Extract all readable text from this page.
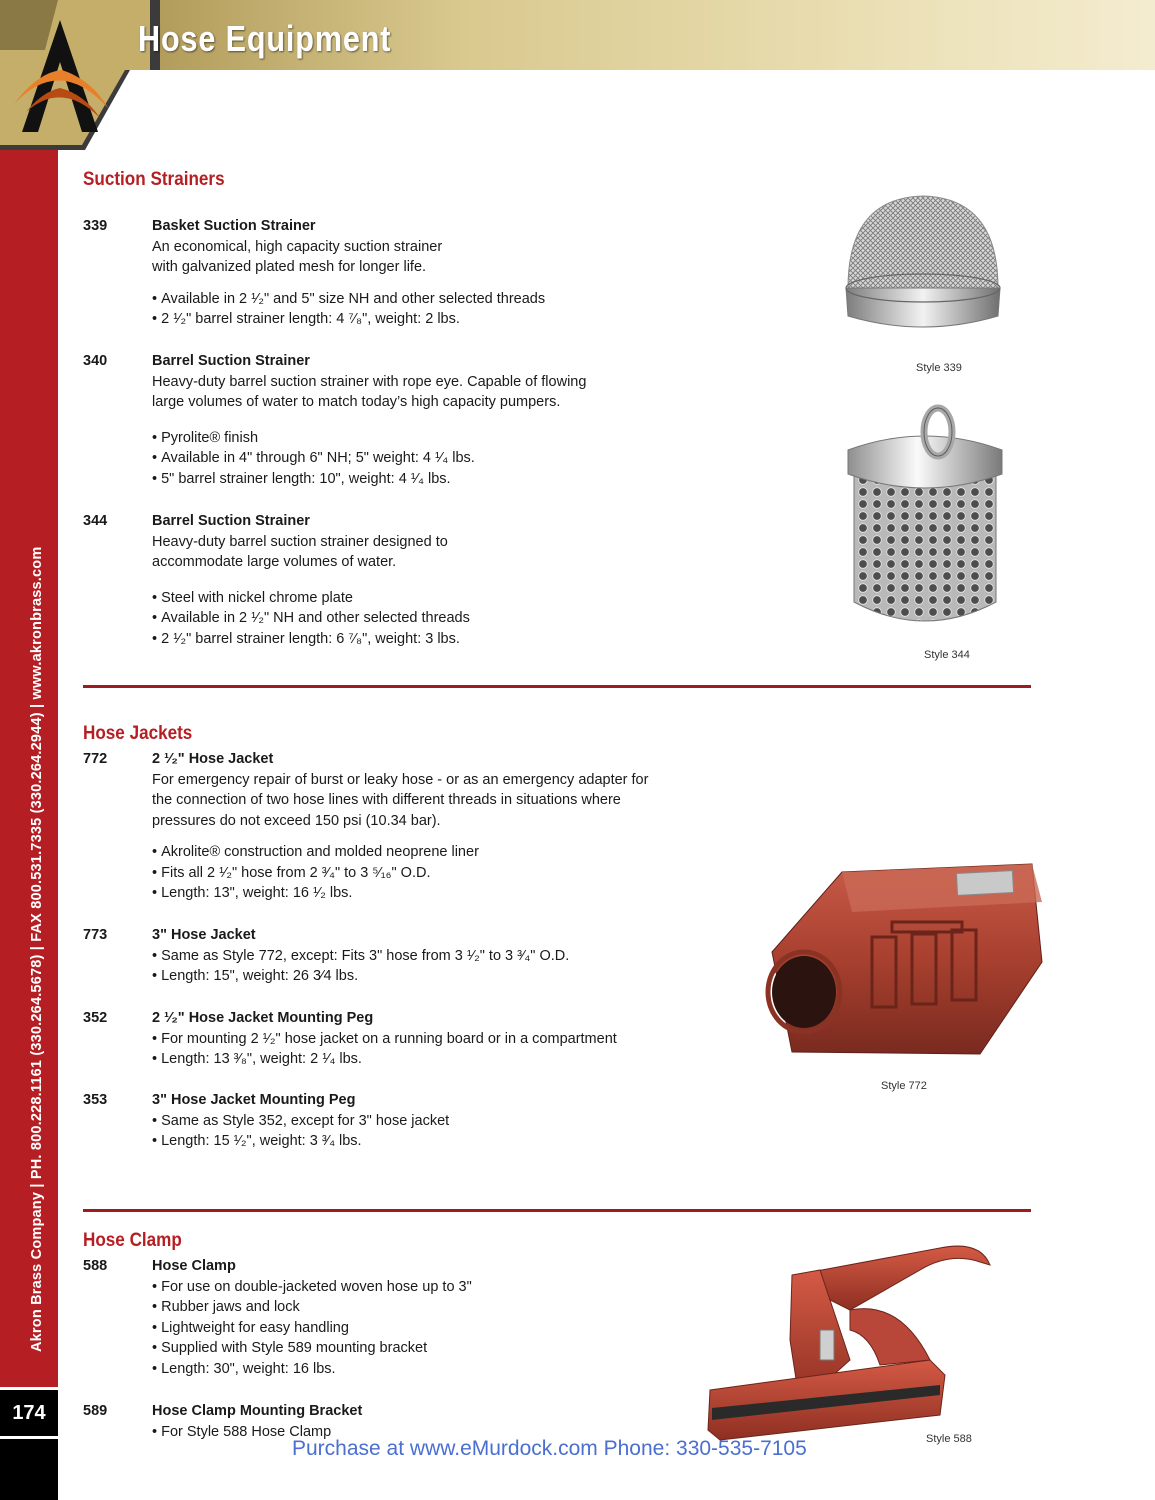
Hose Equipment
Akron Brass Company | PH. 800.228.1161 (330.264.5678) | FAX 800.531.7335 (330.264.2944) | www.akronbrass.com
174
Suction Strainers
339	Basket Suction Strainer
An economical, high capacity suction strainer
with galvanized plated mesh for longer life.
• Available in 2 ¹⁄₂" and 5" size NH and other selected threads
• 2 ¹⁄₂" barrel strainer length: 4 ⁷⁄₈", weight: 2 lbs.
340	Barrel Suction Strainer
Heavy-duty barrel suction strainer with rope eye. Capable of flowing
large volumes of water to match today’s high capacity pumpers.
• Pyrolite® finish
• Available in 4" through 6" NH; 5" weight: 4 ¹⁄₄ lbs.
• 5" barrel strainer length: 10", weight: 4 ¹⁄₄ lbs.
344	Barrel Suction Strainer
Heavy-duty barrel suction strainer designed to
accommodate large volumes of water.
• Steel with nickel chrome plate
• Available in 2 ¹⁄₂" NH and other selected threads
• 2 ¹⁄₂" barrel strainer length: 6 ⁷⁄₈", weight: 3 lbs.
Style 339
Style 344
Hose Jackets
772	2 ¹⁄₂" Hose Jacket
For emergency repair of burst or leaky hose - or as an emergency adapter for
the connection of two hose lines with different threads in situations where
pressures do not exceed 150 psi (10.34 bar).
• Akrolite® construction and molded neoprene liner
• Fits all 2 ¹⁄₂" hose from 2 ³⁄₄" to 3 ⁵⁄₁₆" O.D.
• Length: 13", weight: 16 ¹⁄₂ lbs.
773	3" Hose Jacket
• Same as Style 772, except: Fits 3" hose from 3 ¹⁄₂" to 3 ³⁄₄" O.D.
• Length: 15", weight: 26 3⁄4 lbs.
352	2 ¹⁄₂" Hose Jacket Mounting Peg
• For mounting 2 ¹⁄₂" hose jacket on a running board or in a compartment
• Length: 13 ³⁄₈", weight: 2 ¹⁄₄ lbs.
353	3" Hose Jacket Mounting Peg
• Same as Style 352, except for 3" hose jacket
• Length: 15 ¹⁄₂", weight: 3 ³⁄₄ lbs.
Style 772
Hose Clamp
588	Hose Clamp
• For use on double-jacketed woven hose up to 3"
• Rubber jaws and lock
• Lightweight for easy handling
• Supplied with Style 589 mounting bracket
• Length: 30", weight: 16 lbs.
589	Hose Clamp Mounting Bracket
• For Style 588 Hose Clamp	Style 588
Purchase at www.eMurdock.com Phone: 330-535-7105
